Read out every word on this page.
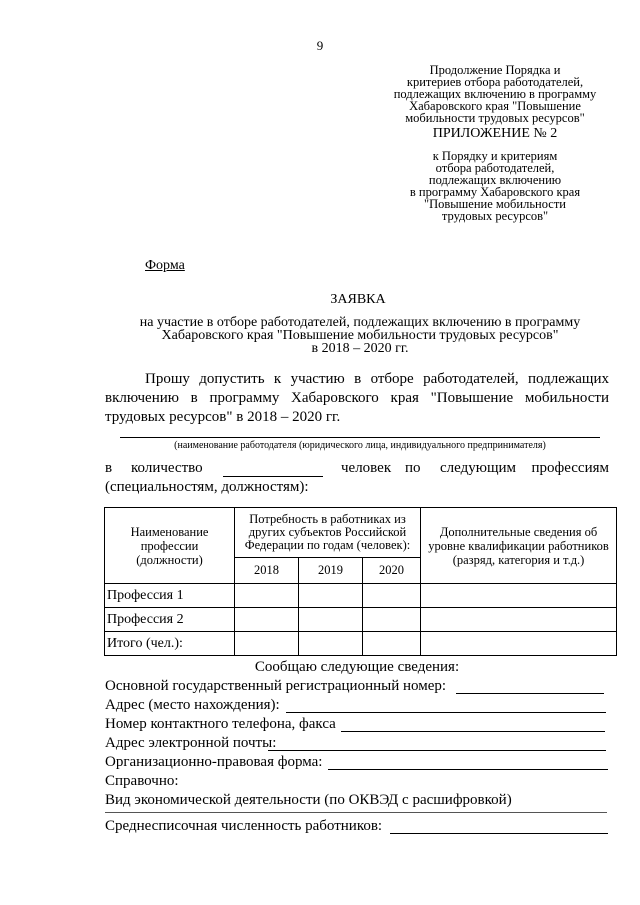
9
Продолжение Порядка и
критериев отбора работодателей,
подлежащих включению в программу
Хабаровского края "Повышение
мобильности трудовых ресурсов"
ПРИЛОЖЕНИЕ № 2
к Порядку и критериям
отбора работодателей,
подлежащих включению
в программу Хабаровского края
"Повышение мобильности
трудовых ресурсов"
Форма
ЗАЯВКА
на участие в отборе работодателей, подлежащих включению в программу
Хабаровского края "Повышение мобильности трудовых ресурсов"
в 2018 – 2020 гг.
Прошу допустить к участию в отборе работодателей, подлежащих включению в программу Хабаровского края "Повышение мобильности трудовых ресурсов" в 2018 – 2020 гг.
(наименование работодателя (юридического лица, индивидуального предпринимателя)
в количество	человек по следующим профессиям
(специальностям, должностям):
Наименование профессии (должности)	Потребность в работниках из других субъектов Российской Федерации по годам (человек):			Дополнительные сведения об уровне квалификации работников (разряд, категория и т.д.)
	2018	2019	2020	
Профессия 1				
Профессия 2				
Итого (чел.):				
Сообщаю следующие сведения:
Основной государственный регистрационный номер:
Адрес (место нахождения):
Номер контактного телефона, факса
Адрес электронной почты:
Организационно-правовая форма:
Справочно:
Вид экономической деятельности (по ОКВЭД с расшифровкой)
Среднесписочная численность работников:
